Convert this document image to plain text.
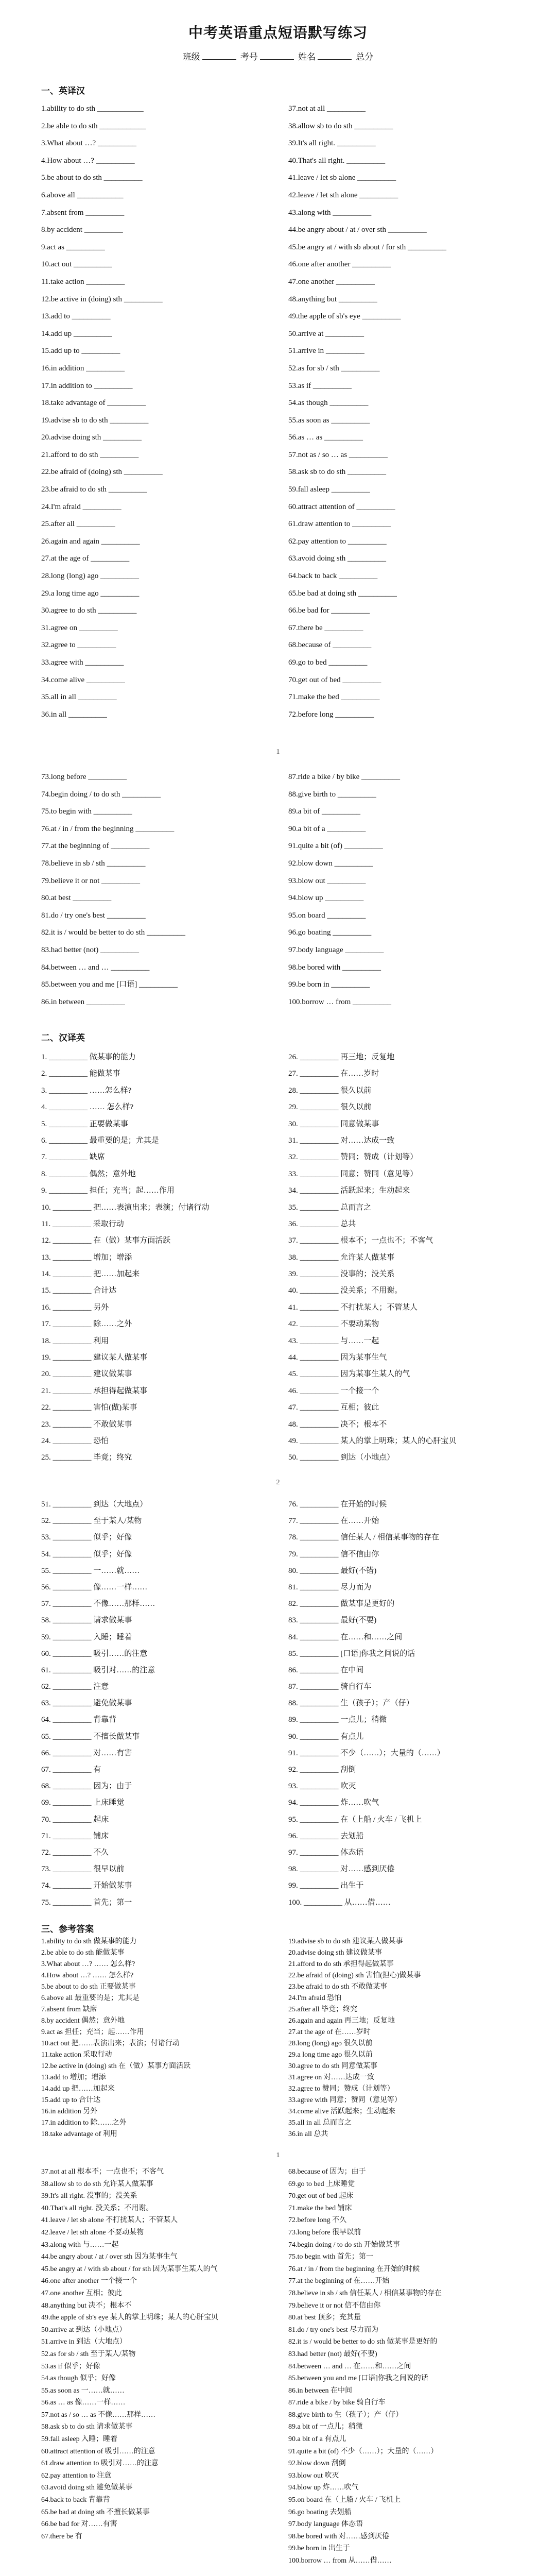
中考英语重点短语默写练习
班级	考号	姓名	总分
一、英译汉
1.ability to do sth ____________
2.be able to do sth ____________
3.What about …? __________
4.How about …? __________
5.be about to do sth __________
6.above all ____________
7.absent from __________
8.by accident __________
9.act as __________
10.act out __________
11.take action __________
12.be active in (doing) sth __________
13.add to __________
14.add up __________
15.add up to __________
16.in addition __________
17.in addition to __________
18.take advantage of __________
19.advise sb to do sth __________
20.advise doing sth __________
21.afford to do sth __________
22.be afraid of (doing) sth __________
23.be afraid to do sth __________
24.I'm afraid __________
25.after all __________
26.again and again __________
27.at the age of __________
28.long (long) ago __________
29.a long time ago __________
30.agree to do sth __________
31.agree on __________
32.agree to __________
33.agree with __________
34.come alive __________
35.all in all __________
36.in all __________
37.not at all __________
38.allow sb to do sth __________
39.It's all right. __________
40.That's all right. __________
41.leave / let sb alone __________
42.leave / let sth alone __________
43.along with __________
44.be angry about / at / over sth __________
45.be angry at / with sb about / for sth __________
46.one after another __________
47.one another __________
48.anything but __________
49.the apple of sb's eye __________
50.arrive at __________
51.arrive in __________
52.as for sb / sth __________
53.as if __________
54.as though __________
55.as soon as __________
56.as … as __________
57.not as / so … as __________
58.ask sb to do sth __________
59.fall asleep __________
60.attract attention of __________
61.draw attention to __________
62.pay attention to __________
63.avoid doing sth __________
64.back to back __________
65.be bad at doing sth __________
66.be bad for __________
67.there be __________
68.because of __________
69.go to bed __________
70.get out of bed __________
71.make the bed __________
72.before long __________
1
73.long before __________
74.begin doing / to do sth __________
75.to begin with __________
76.at / in / from the beginning __________
77.at the beginning of __________
78.believe in sb / sth __________
79.believe it or not __________
80.at best __________
81.do / try one's best __________
82.it is / would be better to do sth __________
83.had better (not) __________
84.between … and … __________
85.between you and me [口语] __________
86.in between __________
87.ride a bike / by bike __________
88.give birth to __________
89.a bit of __________
90.a bit of a __________
91.quite a bit (of) __________
92.blow down __________
93.blow out __________
94.blow up __________
95.on board __________
96.go boating __________
97.body language __________
98.be bored with __________
99.be born in __________
100.borrow … from __________
二、汉译英
1. __________ 做某事的能力
2. __________ 能做某事
3. __________ ……怎么样?
4. __________ …… 怎么样?
5. __________ 正要做某事
6. __________ 最重要的是；尤其是
7. __________ 缺席
8. __________ 偶然；意外地
9. __________ 担任；充当；起……作用
10. __________ 把……表演出来；表演；付诸行动
11. __________ 采取行动
12. __________ 在（做）某事方面活跃
13. __________ 增加；增添
14. __________ 把……加起来
15. __________ 合计达
16. __________ 另外
17. __________ 除……之外
18. __________ 利用
19. __________ 建议某人做某事
20. __________ 建议做某事
21. __________ 承担得起做某事
22. __________ 害怕(做)某事
23. __________ 不敢做某事
24. __________ 恐怕
25. __________ 毕竟；终究
26. __________ 再三地；反复地
27. __________ 在……岁时
28. __________ 很久以前
29. __________ 很久以前
30. __________ 同意做某事
31. __________ 对……达成一致
32. __________ 赞同；赞成（计划等）
33. __________ 同意；赞同（意见等）
34. __________ 活跃起来；生动起来
35. __________ 总而言之
36. __________ 总共
37. __________ 根本不；一点也不；不客气
38. __________ 允许某人做某事
39. __________ 没事的；没关系
40. __________ 没关系；不用谢。
41. __________ 不打扰某人；不管某人
42. __________ 不要动某物
43. __________ 与……一起
44. __________ 因为某事生气
45. __________ 因为某事生某人的气
46. __________ 一个接一个
47. __________ 互相；彼此
48. __________ 决不；根本不
49. __________ 某人的掌上明珠；某人的心肝宝贝
50. __________ 到达（小地点）
2
51. __________ 到达（大地点）
52. __________ 至于某人/某物
53. __________ 似乎；好像
54. __________ 似乎；好像
55. __________ 一……就……
56. __________ 像……一样……
57. __________ 不像……那样……
58. __________ 请求做某事
59. __________ 入睡；睡着
60. __________ 吸引……的注意
61. __________ 吸引对……的注意
62. __________ 注意
63. __________ 避免做某事
64. __________ 背靠背
65. __________ 不擅长做某事
66. __________ 对……有害
67. __________ 有
68. __________ 因为；由于
69. __________ 上床睡觉
70. __________ 起床
71. __________ 铺床
72. __________ 不久
73. __________ 很早以前
74. __________ 开始做某事
75. __________ 首先；第一
76. __________ 在开始的时候
77. __________ 在……开始
78. __________ 信任某人 / 相信某事物的存在
79. __________ 信不信由你
80. __________ 最好(不错)
81. __________ 尽力而为
82. __________ 做某事是更好的
83. __________ 最好(不要)
84. __________ 在……和……之间
85. __________ [口语]你我之间说的话
86. __________ 在中间
87. __________ 骑自行车
88. __________ 生（孩子）；产（仔）
89. __________ 一点儿；稍微
90. __________ 有点儿
91. __________ 不少（……）；大量的（……）
92. __________ 刮倒
93. __________ 吹灭
94. __________ 炸……吹气
95. __________ 在（上船 / 火车 / 飞机上
96. __________ 去划船
97. __________ 体态语
98. __________ 对……感到厌倦
99. __________ 出生于
100. __________ 从……借……
三、参考答案
1.ability to do sth 做某事的能力
2.be able to do sth 能做某事
3.What about …? …… 怎么样?
4.How about …? …… 怎么样?
5.be about to do sth 正要做某事
6.above all 最重要的是；尤其是
7.absent from 缺席
8.by accident 偶然；意外地
9.act as 担任；充当；起……作用
10.act out 把……表演出来；表演；付诸行动
11.take action 采取行动
12.be active in (doing) sth 在（做）某事方面活跃
13.add to 增加；增添
14.add up 把……加起来
15.add up to 合计达
16.in addition 另外
17.in addition to 除……之外
18.take advantage of 利用
19.advise sb to do sth 建议某人做某事
20.advise doing sth 建议做某事
21.afford to do sth 承担得起做某事
22.be afraid of (doing) sth 害怕(担心)做某事
23.be afraid to do sth 不敢做某事
24.I'm afraid 恐怕
25.after all 毕竟；终究
26.again and again 再三地；反复地
27.at the age of 在……岁时
28.long (long) ago 很久以前
29.a long time ago 很久以前
30.agree to do sth 同意做某事
31.agree on 对……达成一致
32.agree to 赞同；赞成（计划等）
33.agree with 同意；赞同（意见等）
34.come alive 活跃起来；生动起来
35.all in all 总而言之
36.in all 总共
1
37.not at all 根本不；一点也不；不客气
38.allow sb to do sth 允许某人做某事
39.It's all right. 没事的；没关系
40.That's all right. 没关系；不用谢。
41.leave / let sb alone 不打扰某人；不管某人
42.leave / let sth alone 不要动某物
43.along with 与……一起
44.be angry about / at / over sth 因为某事生气
45.be angry at / with sb about / for sth 因为某事生某人的气
46.one after another 一个接一个
47.one another 互相；彼此
48.anything but 决不；根本不
49.the apple of sb's eye 某人的掌上明珠；某人的心肝宝贝
50.arrive at 到达（小地点）
51.arrive in 到达（大地点）
52.as for sb / sth 至于某人/某物
53.as if 似乎；好像
54.as though 似乎；好像
55.as soon as 一……就……
56.as … as 像……一样……
57.not as / so … as 不像……那样……
58.ask sb to do sth 请求做某事
59.fall asleep 入睡；睡着
60.attract attention of 吸引……的注意
61.draw attention to 吸引对……的注意
62.pay attention to 注意
63.avoid doing sth 避免做某事
64.back to back 背靠背
65.be bad at doing sth 不擅长做某事
66.be bad for 对……有害
67.there be 有
68.because of 因为；由于
69.go to bed 上床睡觉
70.get out of bed 起床
71.make the bed 铺床
72.before long 不久
73.long before 很早以前
74.begin doing / to do sth 开始做某事
75.to begin with 首先；第一
76.at / in / from the beginning 在开始的时候
77.at the beginning of 在……开始
78.believe in sb / sth 信任某人 / 相信某事物的存在
79.believe it or not 信不信由你
80.at best 顶多；充其量
81.do / try one's best 尽力而为
82.it is / would be better to do sth 做某事是更好的
83.had better (not) 最好(不要)
84.between … and … 在……和……之间
85.between you and me [口语]你我之间说的话
86.in between 在中间
87.ride a bike / by bike 骑自行车
88.give birth to 生（孩子）；产（仔）
89.a bit of 一点儿；稍微
90.a bit of a 有点儿
91.quite a bit (of) 不少（……）；大量的（……）
92.blow down 刮倒
93.blow out 吹灭
94.blow up 炸……吹气
95.on board 在（上船 / 火车 / 飞机上
96.go boating 去划船
97.body language 体态语
98.be bored with 对……感到厌倦
99.be born in 出生于
100.borrow … from 从……借……
